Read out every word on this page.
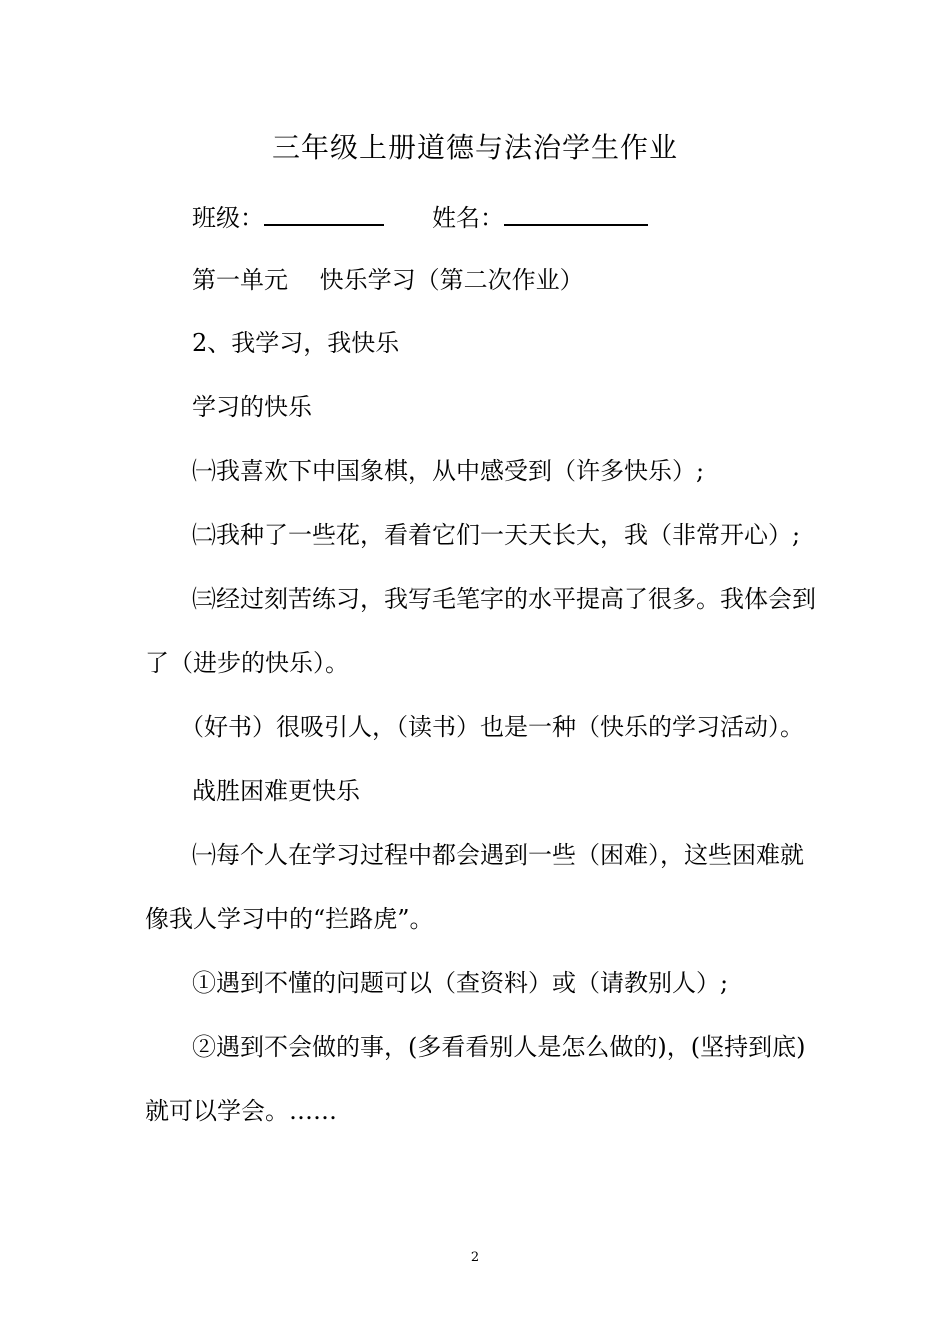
三年级上册道德与法治学生作业
班级：	姓名：
第一单元　 快乐学习（第二次作业）
2、我学习，我快乐
学习的快乐
㈠我喜欢下中国象棋，从中感受到（许多快乐）;
㈡我种了一些花，看着它们一天天长大，我（非常开心）;
㈢经过刻苦练习，我写毛笔字的水平提高了很多。我体会到
了（进步的快乐）。
（好书）很吸引人，（读书）也是一种（快乐的学习活动）。
战胜困难更快乐
㈠每个人在学习过程中都会遇到一些（困难），这些困难就
像我人学习中的“拦路虎”。
①遇到不懂的问题可以（查资料）或（请教别人）;
②遇到不会做的事，(多看看别人是怎么做的)，(坚持到底)
就可以学会。……
2
